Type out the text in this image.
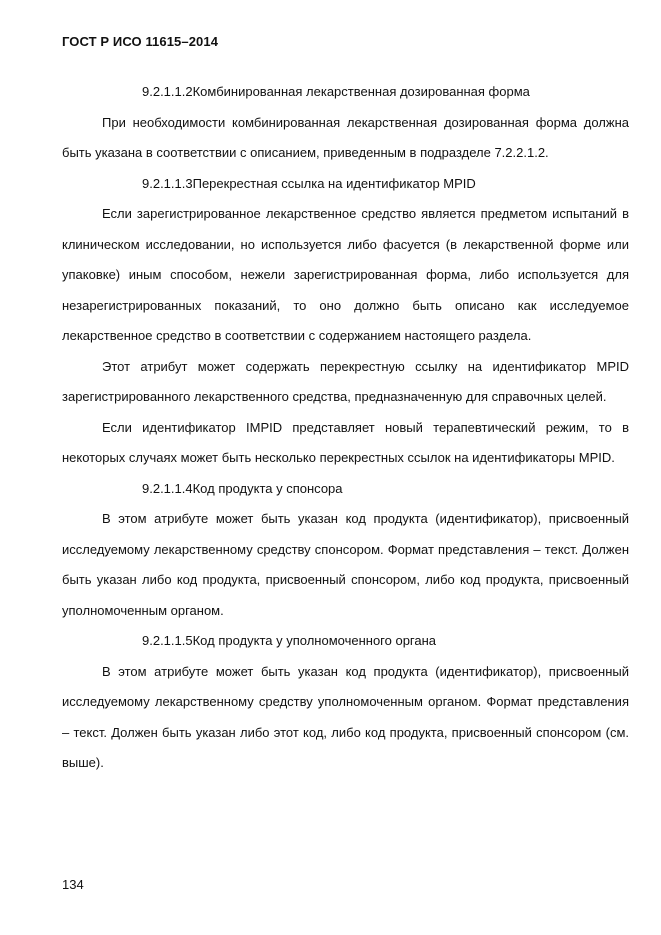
ГОСТ Р ИСО 11615–2014

9.2.1.1.2Комбинированная лекарственная дозированная форма

При необходимости комбинированная лекарственная дозированная форма должна быть указана в соответствии с описанием, приведенным в подразделе 7.2.2.1.2.

9.2.1.1.3Перекрестная ссылка на идентификатор MPID

Если зарегистрированное лекарственное средство является предметом испытаний в клиническом исследовании, но используется либо фасуется (в лекарственной форме или упаковке) иным способом, нежели зарегистрированная форма, либо используется для незарегистрированных показаний, то оно должно быть описано как исследуемое лекарственное средство в соответствии с содержанием настоящего раздела.

Этот атрибут может содержать перекрестную ссылку на идентификатор MPID зарегистрированного лекарственного средства, предназначенную для справочных целей.

Если идентификатор IMPID представляет новый терапевтический режим, то в некоторых случаях может быть несколько перекрестных ссылок на идентификаторы MPID.

9.2.1.1.4Код продукта у спонсора

В этом атрибуте может быть указан код продукта (идентификатор), присвоенный исследуемому лекарственному средству спонсором. Формат представления – текст. Должен быть указан либо код продукта, присвоенный спонсором, либо код продукта, присвоенный уполномоченным органом.

9.2.1.1.5Код продукта у уполномоченного органа

В этом атрибуте может быть указан код продукта (идентификатор), присвоенный исследуемому лекарственному средству уполномоченным органом. Формат представления – текст. Должен быть указан либо этот код, либо код продукта, присвоенный спонсором (см. выше).

134
